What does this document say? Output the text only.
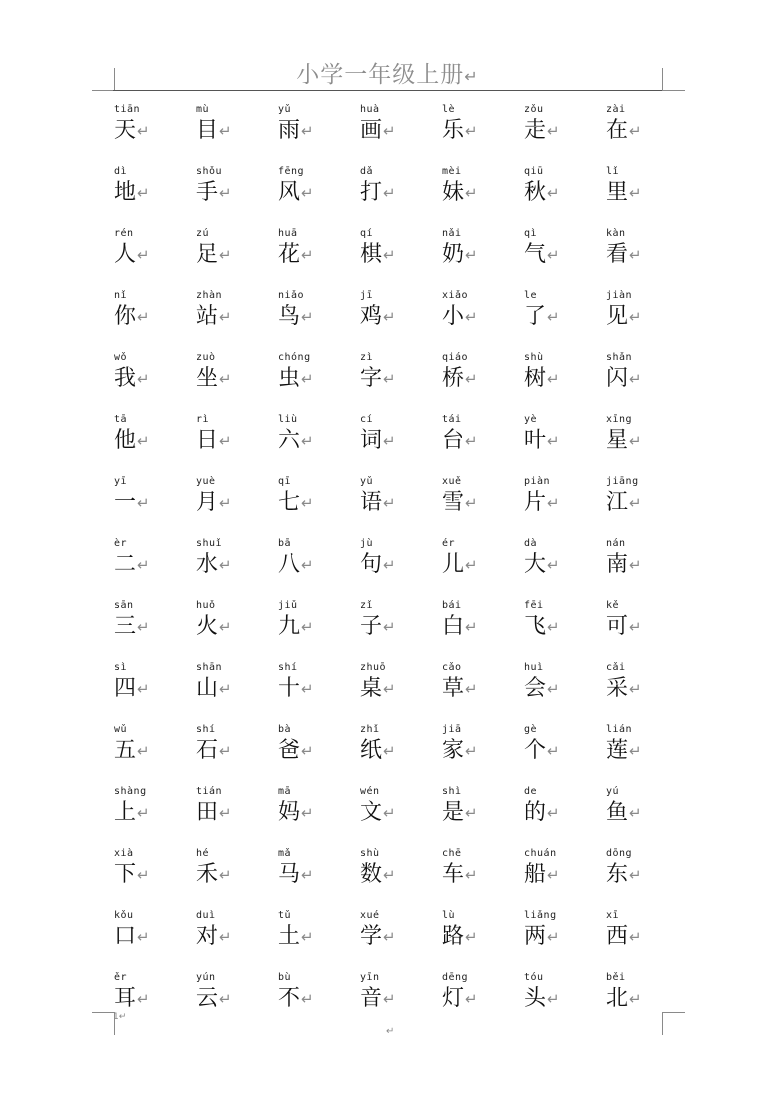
小学一年级上册↵
tiān
天↵
mù
目↵
yǔ
雨↵
huà
画↵
lè
乐↵
zǒu
走↵
zài
在↵
dì
地↵
shǒu
手↵
fēng
风↵
dǎ
打↵
mèi
妹↵
qiū
秋↵
lǐ
里↵
rén
人↵
zú
足↵
huā
花↵
qí
棋↵
nǎi
奶↵
qì
气↵
kàn
看↵
nǐ
你↵
zhàn
站↵
niǎo
鸟↵
jī
鸡↵
xiǎo
小↵
le
了↵
jiàn
见↵
wǒ
我↵
zuò
坐↵
chóng
虫↵
zì
字↵
qiáo
桥↵
shù
树↵
shǎn
闪↵
tā
他↵
rì
日↵
liù
六↵
cí
词↵
tái
台↵
yè
叶↵
xīng
星↵
yī
一↵
yuè
月↵
qī
七↵
yǔ
语↵
xuě
雪↵
piàn
片↵
jiāng
江↵
èr
二↵
shuǐ
水↵
bā
八↵
jù
句↵
ér
儿↵
dà
大↵
nán
南↵
sān
三↵
huǒ
火↵
jiǔ
九↵
zǐ
子↵
bái
白↵
fēi
飞↵
kě
可↵
sì
四↵
shān
山↵
shí
十↵
zhuō
桌↵
cǎo
草↵
huì
会↵
cǎi
采↵
wǔ
五↵
shí
石↵
bà
爸↵
zhǐ
纸↵
jiā
家↵
gè
个↵
lián
莲↵
shàng
上↵
tián
田↵
mā
妈↵
wén
文↵
shì
是↵
de
的↵
yú
鱼↵
xià
下↵
hé
禾↵
mǎ
马↵
shù
数↵
chē
车↵
chuán
船↵
dōng
东↵
kǒu
口↵
duì
对↵
tǔ
土↵
xué
学↵
lù
路↵
liǎng
两↵
xī
西↵
ěr
耳↵
yún
云↵
bù
不↵
yīn
音↵
dēng
灯↵
tóu
头↵
běi
北↵
1↵
↵
